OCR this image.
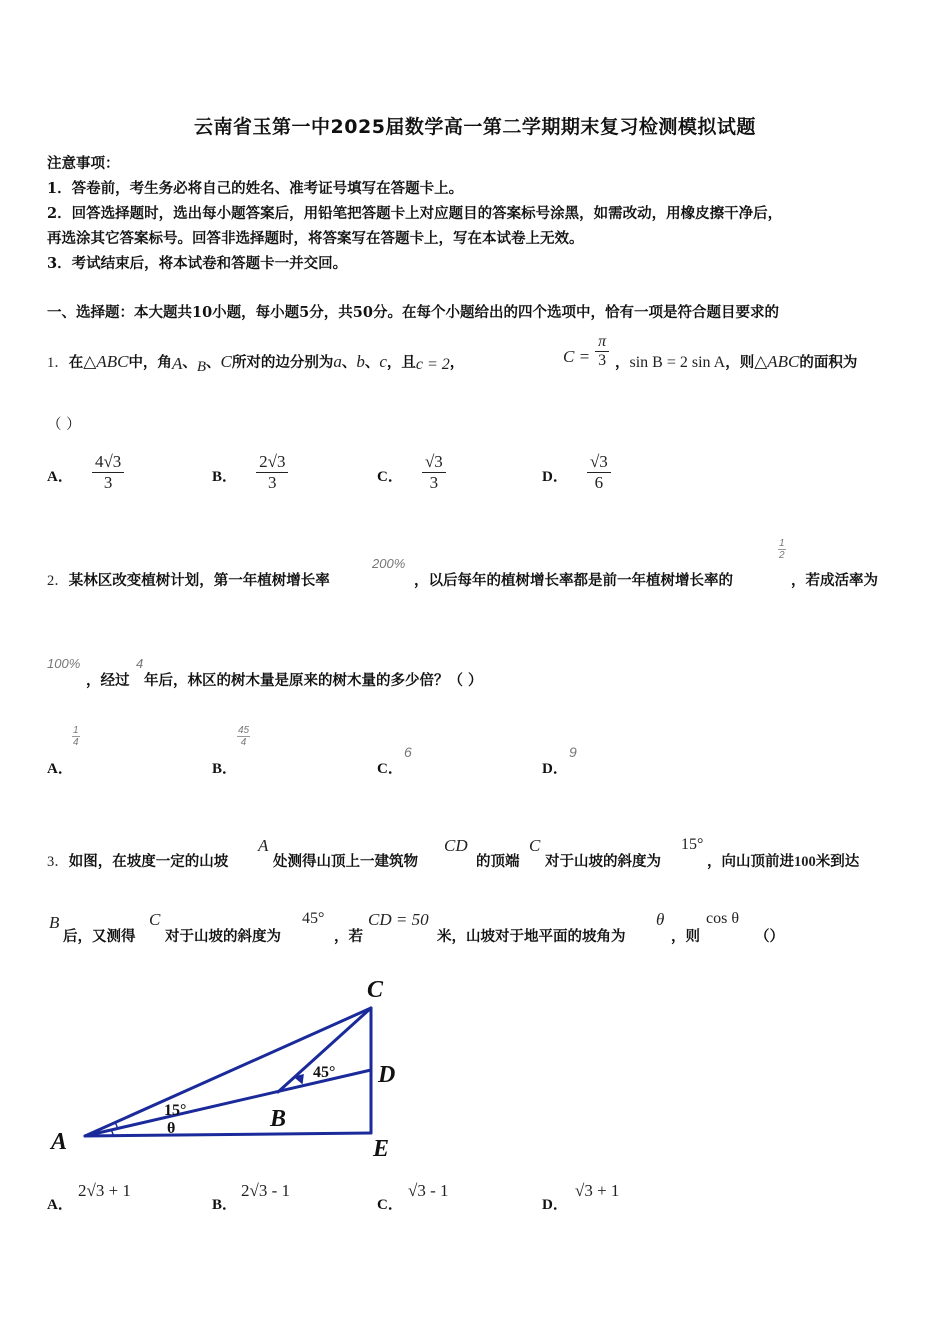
云南省玉第一中2025届数学高一第二学期期末复习检测模拟试题
注意事项：
1．答卷前，考生务必将自己的姓名、准考证号填写在答题卡上。
2．回答选择题时，选出每小题答案后，用铅笔把答题卡上对应题目的答案标号涂黑，如需改动，用橡皮擦干净后，
再选涂其它答案标号。回答非选择题时，将答案写在答题卡上，写在本试卷上无效。
3．考试结束后，将本试卷和答题卡一并交回。
一、选择题：本大题共10小题，每小题5分，共50分。在每个小题给出的四个选项中，恰有一项是符合题目要求的
1．在△ABC中，角A、B、C所对的边分别为a、b、c，且c = 2，	$C = \frac{\pi}{3}$ ，sin B = 2 sin A，则△ABC的面积为
（ ）
A． $\frac{4√3}{3}$	B． $\frac{2√3}{3}$	C． $\frac{√3}{3}$	D． $\frac{√3}{6}$
2．某林区改变植树计划，第一年植树增长率
200%
，以后每年的植树增长率都是前一年植树增长率的
$\frac{1}{2}$
，若成活率为
100%
，经过
4
年后，林区的树木量是原来的树木量的多少倍？（ ）
A．
$\frac{1}{4}$
B．
$\frac{45}{4}$
C．
6
D．
9
3．如图，在坡度一定的山坡
A
处测得山顶上一建筑物
CD
的顶端
C
对于山坡的斜度为
15°
，向山顶前进100米到达
B
后，又测得
C
对于山坡的斜度为
45°
，若
CD = 50
米，山坡对于地平面的坡角为
θ
，则
cos θ
（）
C
D
B
A	E
45°
15°
θ
A．
2√3 + 1
B．
2√3 - 1
C．
√3 - 1
D．
√3 + 1
